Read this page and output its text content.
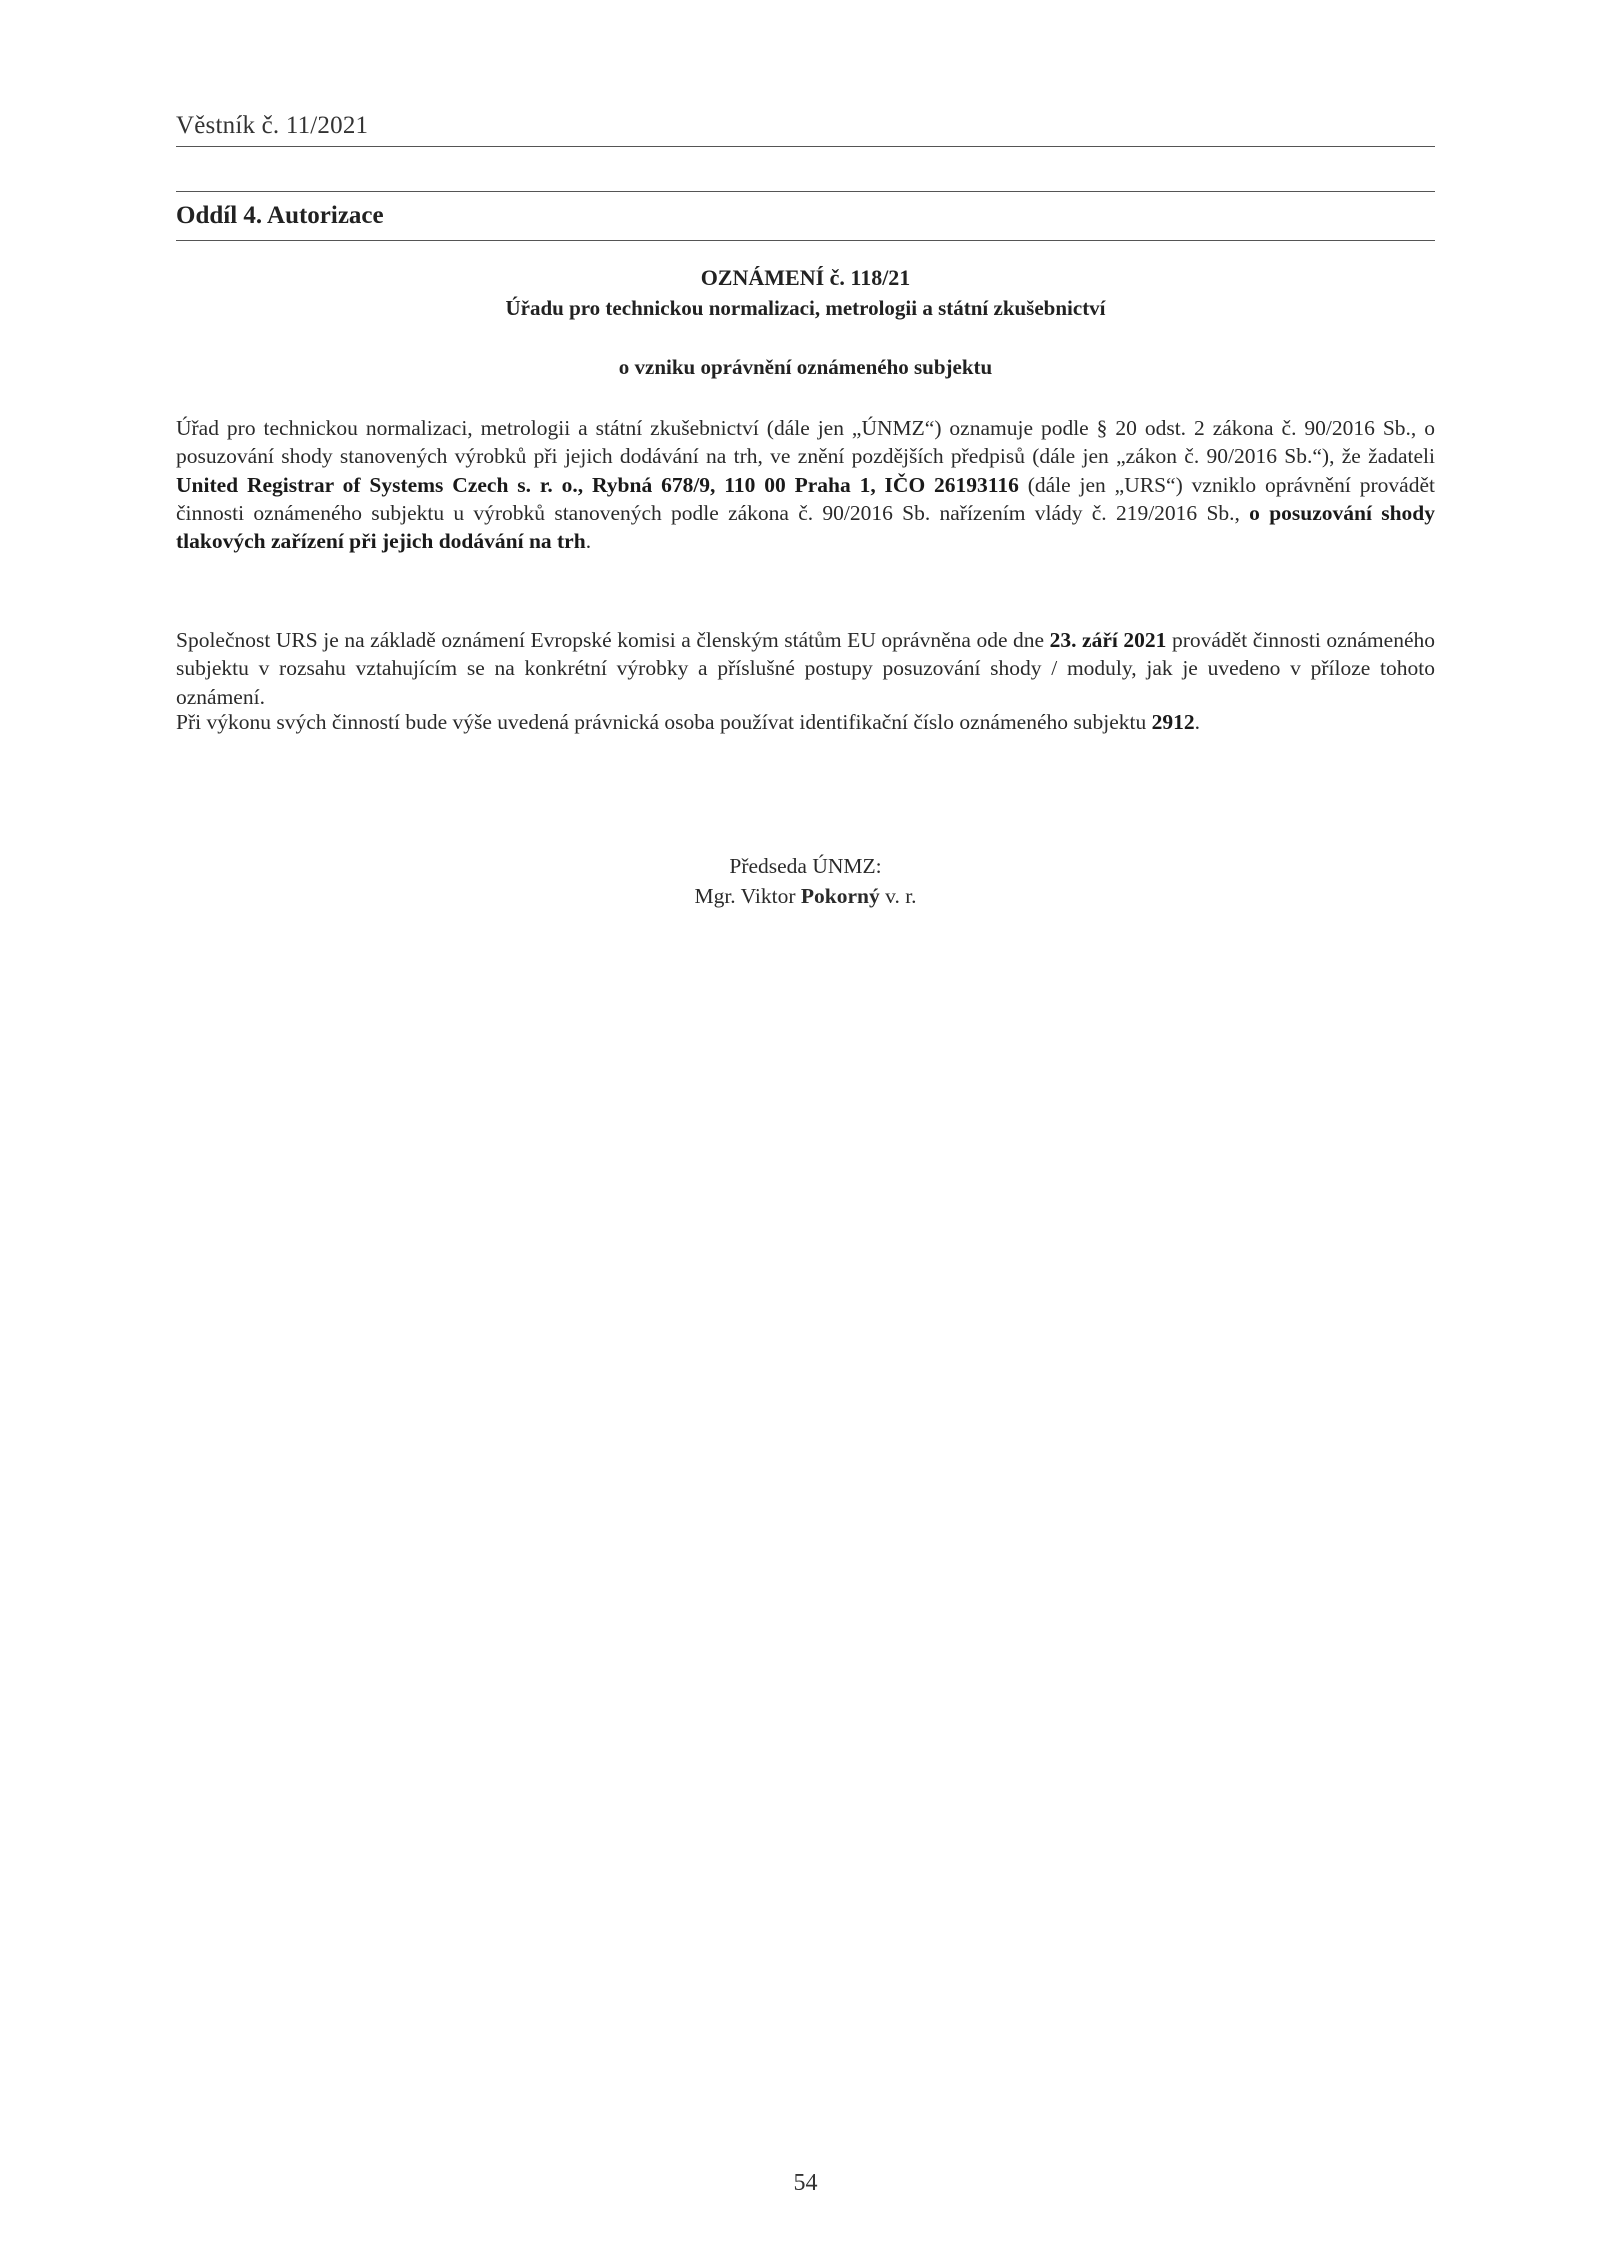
Věstník č. 11/2021
Oddíl 4. Autorizace
OZNÁMENÍ č. 118/21
Úřadu pro technickou normalizaci, metrologii a státní zkušebnictví
o vzniku oprávnění oznámeného subjektu

Úřad pro technickou normalizaci, metrologii a státní zkušebnictví (dále jen „ÚNMZ“) oznamuje podle § 20 odst. 2 zákona č. 90/2016 Sb., o posuzování shody stanovených výrobků při jejich dodávání na trh, ve znění pozdějších předpisů (dále jen „zákon č. 90/2016 Sb.“), že žadateli United Registrar of Systems Czech s. r. o., Rybná 678/9, 110 00 Praha 1, IČO 26193116 (dále jen „URS“) vzniklo oprávnění provádět činnosti oznámeného subjektu u výrobků stanovených podle zákona č. 90/2016 Sb. nařízením vlády č. 219/2016 Sb., o posuzování shody tlakových zařízení při jejich dodávání na trh.

Společnost URS je na základě oznámení Evropské komisi a členským státům EU oprávněna ode dne 23. září 2021 provádět činnosti oznámeného subjektu v rozsahu vztahujícím se na konkrétní výrobky a příslušné postupy posuzování shody / moduly, jak je uvedeno v příloze tohoto oznámení.

Při výkonu svých činností bude výše uvedená právnická osoba používat identifikační číslo oznámeného subjektu 2912.

Předseda ÚNMZ:
Mgr. Viktor Pokorný v. r.
54
